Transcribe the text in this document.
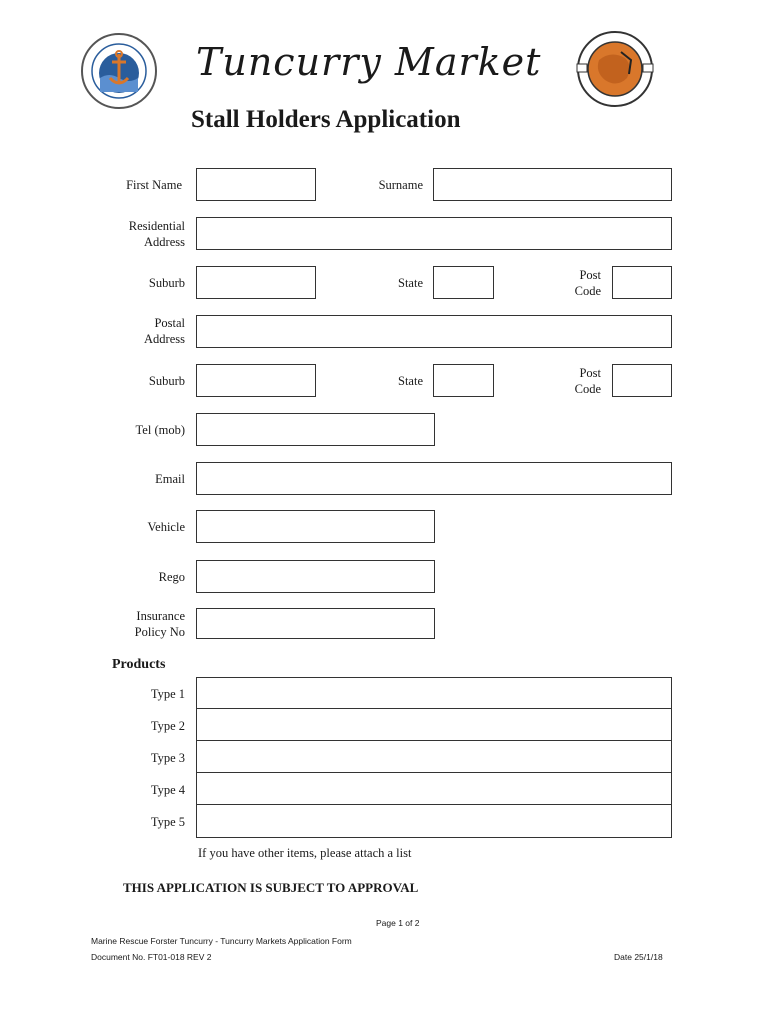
Tuncurry Market
Stall Holders Application
First Name	Surname
Residential
Address
Suburb	State
Post
Code
Postal
Address
Suburb	State
Post
Code
Tel (mob)
Email
Vehicle
Rego
Insurance
Policy No
Products
Type 1
Type 2
Type 3
Type 4
Type 5
If you have other items, please attach a list
THIS APPLICATION IS SUBJECT TO APPROVAL
Page 1 of 2
Marine Rescue Forster Tuncurry - Tuncurry Markets Application Form
Document No. FT01-018 REV 2	Date 25/1/18
